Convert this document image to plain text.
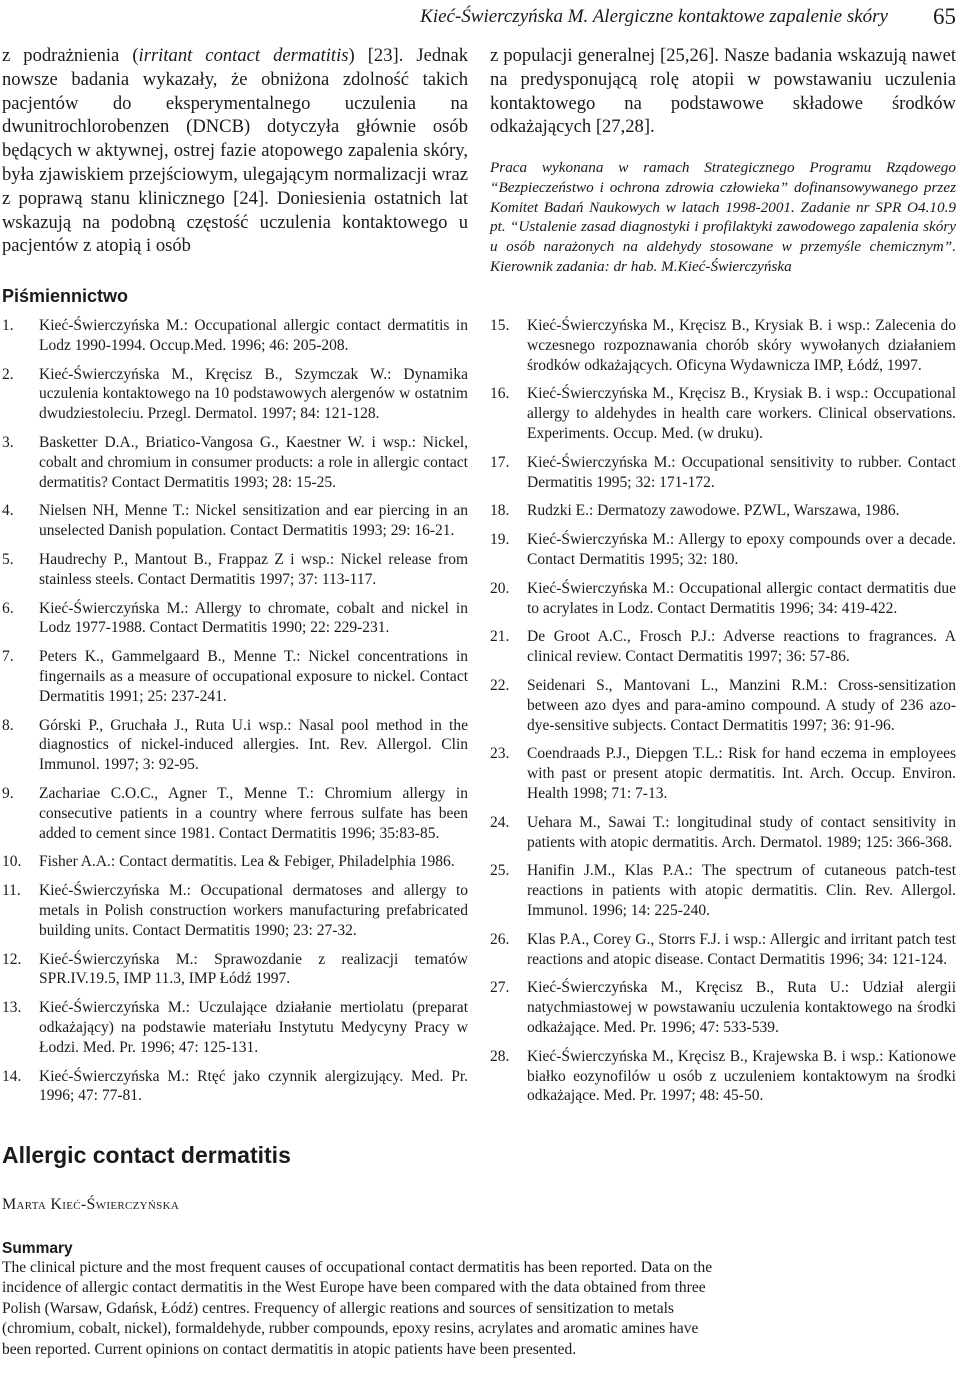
Kieć-Świerczyńska M. Alergiczne kontaktowe zapalenie skóry 65

z podrażnienia (irritant contact dermatitis) [23]. Jednak nowsze badania wykazały, że obniżona zdolność takich pacjentów do eksperymentalnego uczulenia na dwunitrochlorobenzen (DNCB) dotyczyła głównie osób będących w aktywnej, ostrej fazie atopowego zapalenia skóry, była zjawiskiem przejściowym, ulegającym normalizacji wraz z poprawą stanu klinicznego [24]. Doniesienia ostatnich lat wskazują na podobną częstość uczulenia kontaktowego u pacjentów z atopią i osób

z populacji generalnej [25,26]. Nasze badania wskazują nawet na predysponującą rolę atopii w powstawaniu uczulenia kontaktowego na podstawowe składowe środków odkażających [27,28].

Praca wykonana w ramach Strategicznego Programu Rządowego “Bezpieczeństwo i ochrona zdrowia człowieka” dofinansowywanego przez Komitet Badań Naukowych w latach 1998-2001. Zadanie nr SPR O4.10.9 pt. “Ustalenie zasad diagnostyki i profilaktyki zawodowego zapalenia skóry u osób narażonych na aldehydy stosowane w przemyśle chemicznym”. Kierownik zadania: dr hab. M.Kieć-Świerczyńska

Piśmiennictwo
1. Kieć-Świerczyńska M.: Occupational allergic contact dermatitis in Lodz 1990-1994. Occup.Med. 1996; 46: 205-208.
2. Kieć-Świerczyńska M., Kręcisz B., Szymczak W.: Dynamika uczulenia kontaktowego na 10 podstawowych alergenów w ostatnim dwudziestoleciu. Przegl. Dermatol. 1997; 84: 121-128.
3. Basketter D.A., Briatico-Vangosa G., Kaestner W. i wsp.: Nickel, cobalt and chromium in consumer products: a role in allergic contact dermatitis? Contact Dermatitis 1993; 28: 15-25.
4. Nielsen NH, Menne T.: Nickel sensitization and ear piercing in an unselected Danish population. Contact Dermatitis 1993; 29: 16-21.
5. Haudrechy P., Mantout B., Frappaz Z i wsp.: Nickel release from stainless steels. Contact Dermatitis 1997; 37: 113-117.
6. Kieć-Świerczyńska M.: Allergy to chromate, cobalt and nickel in Lodz 1977-1988. Contact Dermatitis 1990; 22: 229-231.
7. Peters K., Gammelgaard B., Menne T.: Nickel concentrations in fingernails as a measure of occupational exposure to nickel. Contact Dermatitis 1991; 25: 237-241.
8. Górski P., Gruchała J., Ruta U.i wsp.: Nasal pool method in the diagnostics of nickel-induced allergies. Int. Rev. Allergol. Clin Immunol. 1997; 3: 92-95.
9. Zachariae C.O.C., Agner T., Menne T.: Chromium allergy in consecutive patients in a country where ferrous sulfate has been added to cement since 1981. Contact Dermatitis 1996; 35:83-85.
10. Fisher A.A.: Contact dermatitis. Lea & Febiger, Philadelphia 1986.
11. Kieć-Świerczyńska M.: Occupational dermatoses and allergy to metals in Polish construction workers manufacturing prefabricated building units. Contact Dermatitis 1990; 23: 27-32.
12. Kieć-Świerczyńska M.: Sprawozdanie z realizacji tematów SPR.IV.19.5, IMP 11.3, IMP Łódź 1997.
13. Kieć-Świerczyńska M.: Uczulające działanie mertiolatu (preparat odkażający) na podstawie materiału Instytutu Medycyny Pracy w Łodzi. Med. Pr. 1996; 47: 125-131.
14. Kieć-Świerczyńska M.: Rtęć jako czynnik alergizujący. Med. Pr. 1996; 47: 77-81.
15. Kieć-Świerczyńska M., Kręcisz B., Krysiak B. i wsp.: Zalecenia do wczesnego rozpoznawania chorób skóry wywołanych działaniem środków odkażających. Oficyna Wydawnicza IMP, Łódź, 1997.
16. Kieć-Świerczyńska M., Kręcisz B., Krysiak B. i wsp.: Occupational allergy to aldehydes in health care workers. Clinical observations. Experiments. Occup. Med. (w druku).
17. Kieć-Świerczyńska M.: Occupational sensitivity to rubber. Contact Dermatitis 1995; 32: 171-172.
18. Rudzki E.: Dermatozy zawodowe. PZWL, Warszawa, 1986.
19. Kieć-Świerczyńska M.: Allergy to epoxy compounds over a decade. Contact Dermatitis 1995; 32: 180.
20. Kieć-Świerczyńska M.: Occupational allergic contact dermatitis due to acrylates in Lodz. Contact Dermatitis 1996; 34: 419-422.
21. De Groot A.C., Frosch P.J.: Adverse reactions to fragrances. A clinical review. Contact Dermatitis 1997; 36: 57-86.
22. Seidenari S., Mantovani L., Manzini R.M.: Cross-sensitization between azo dyes and para-amino compound. A study of 236 azo-dye-sensitive subjects. Contact Dermatitis 1997; 36: 91-96.
23. Coendraads P.J., Diepgen T.L.: Risk for hand eczema in employees with past or present atopic dermatitis. Int. Arch. Occup. Environ. Health 1998; 71: 7-13.
24. Uehara M., Sawai T.: longitudinal study of contact sensitivity in patients with atopic dermatitis. Arch. Dermatol. 1989; 125: 366-368.
25. Hanifin J.M., Klas P.A.: The spectrum of cutaneous patch-test reactions in patients with atopic dermatitis. Clin. Rev. Allergol. Immunol. 1996; 14: 225-240.
26. Klas P.A., Corey G., Storrs F.J. i wsp.: Allergic and irritant patch test reactions and atopic disease. Contact Dermatitis 1996; 34: 121-124.
27. Kieć-Świerczyńska M., Kręcisz B., Ruta U.: Udział alergii natychmiastowej w powstawaniu uczulenia kontaktowego na środki odkażające. Med. Pr. 1996; 47: 533-539.
28. Kieć-Świerczyńska M., Kręcisz B., Krajewska B. i wsp.: Kationowe białko eozynofilów u osób z uczuleniem kontaktowym na środki odkażające. Med. Pr. 1997; 48: 45-50.
Allergic contact dermatitis
Marta Kieć-Świerczyńska
Summary

The clinical picture and the most frequent causes of occupational contact dermatitis has been reported. Data on the incidence of allergic contact dermatitis in the West Europe have been compared with the data obtained from three Polish (Warsaw, Gdańsk, Łódź) centres. Frequency of allergic reations and sources of sensitization to metals (chromium, cobalt, nickel), formaldehyde, rubber compounds, epoxy resins, acrylates and aromatic amines have been reported. Current opinions on contact dermatitis in atopic patients have been presented.
